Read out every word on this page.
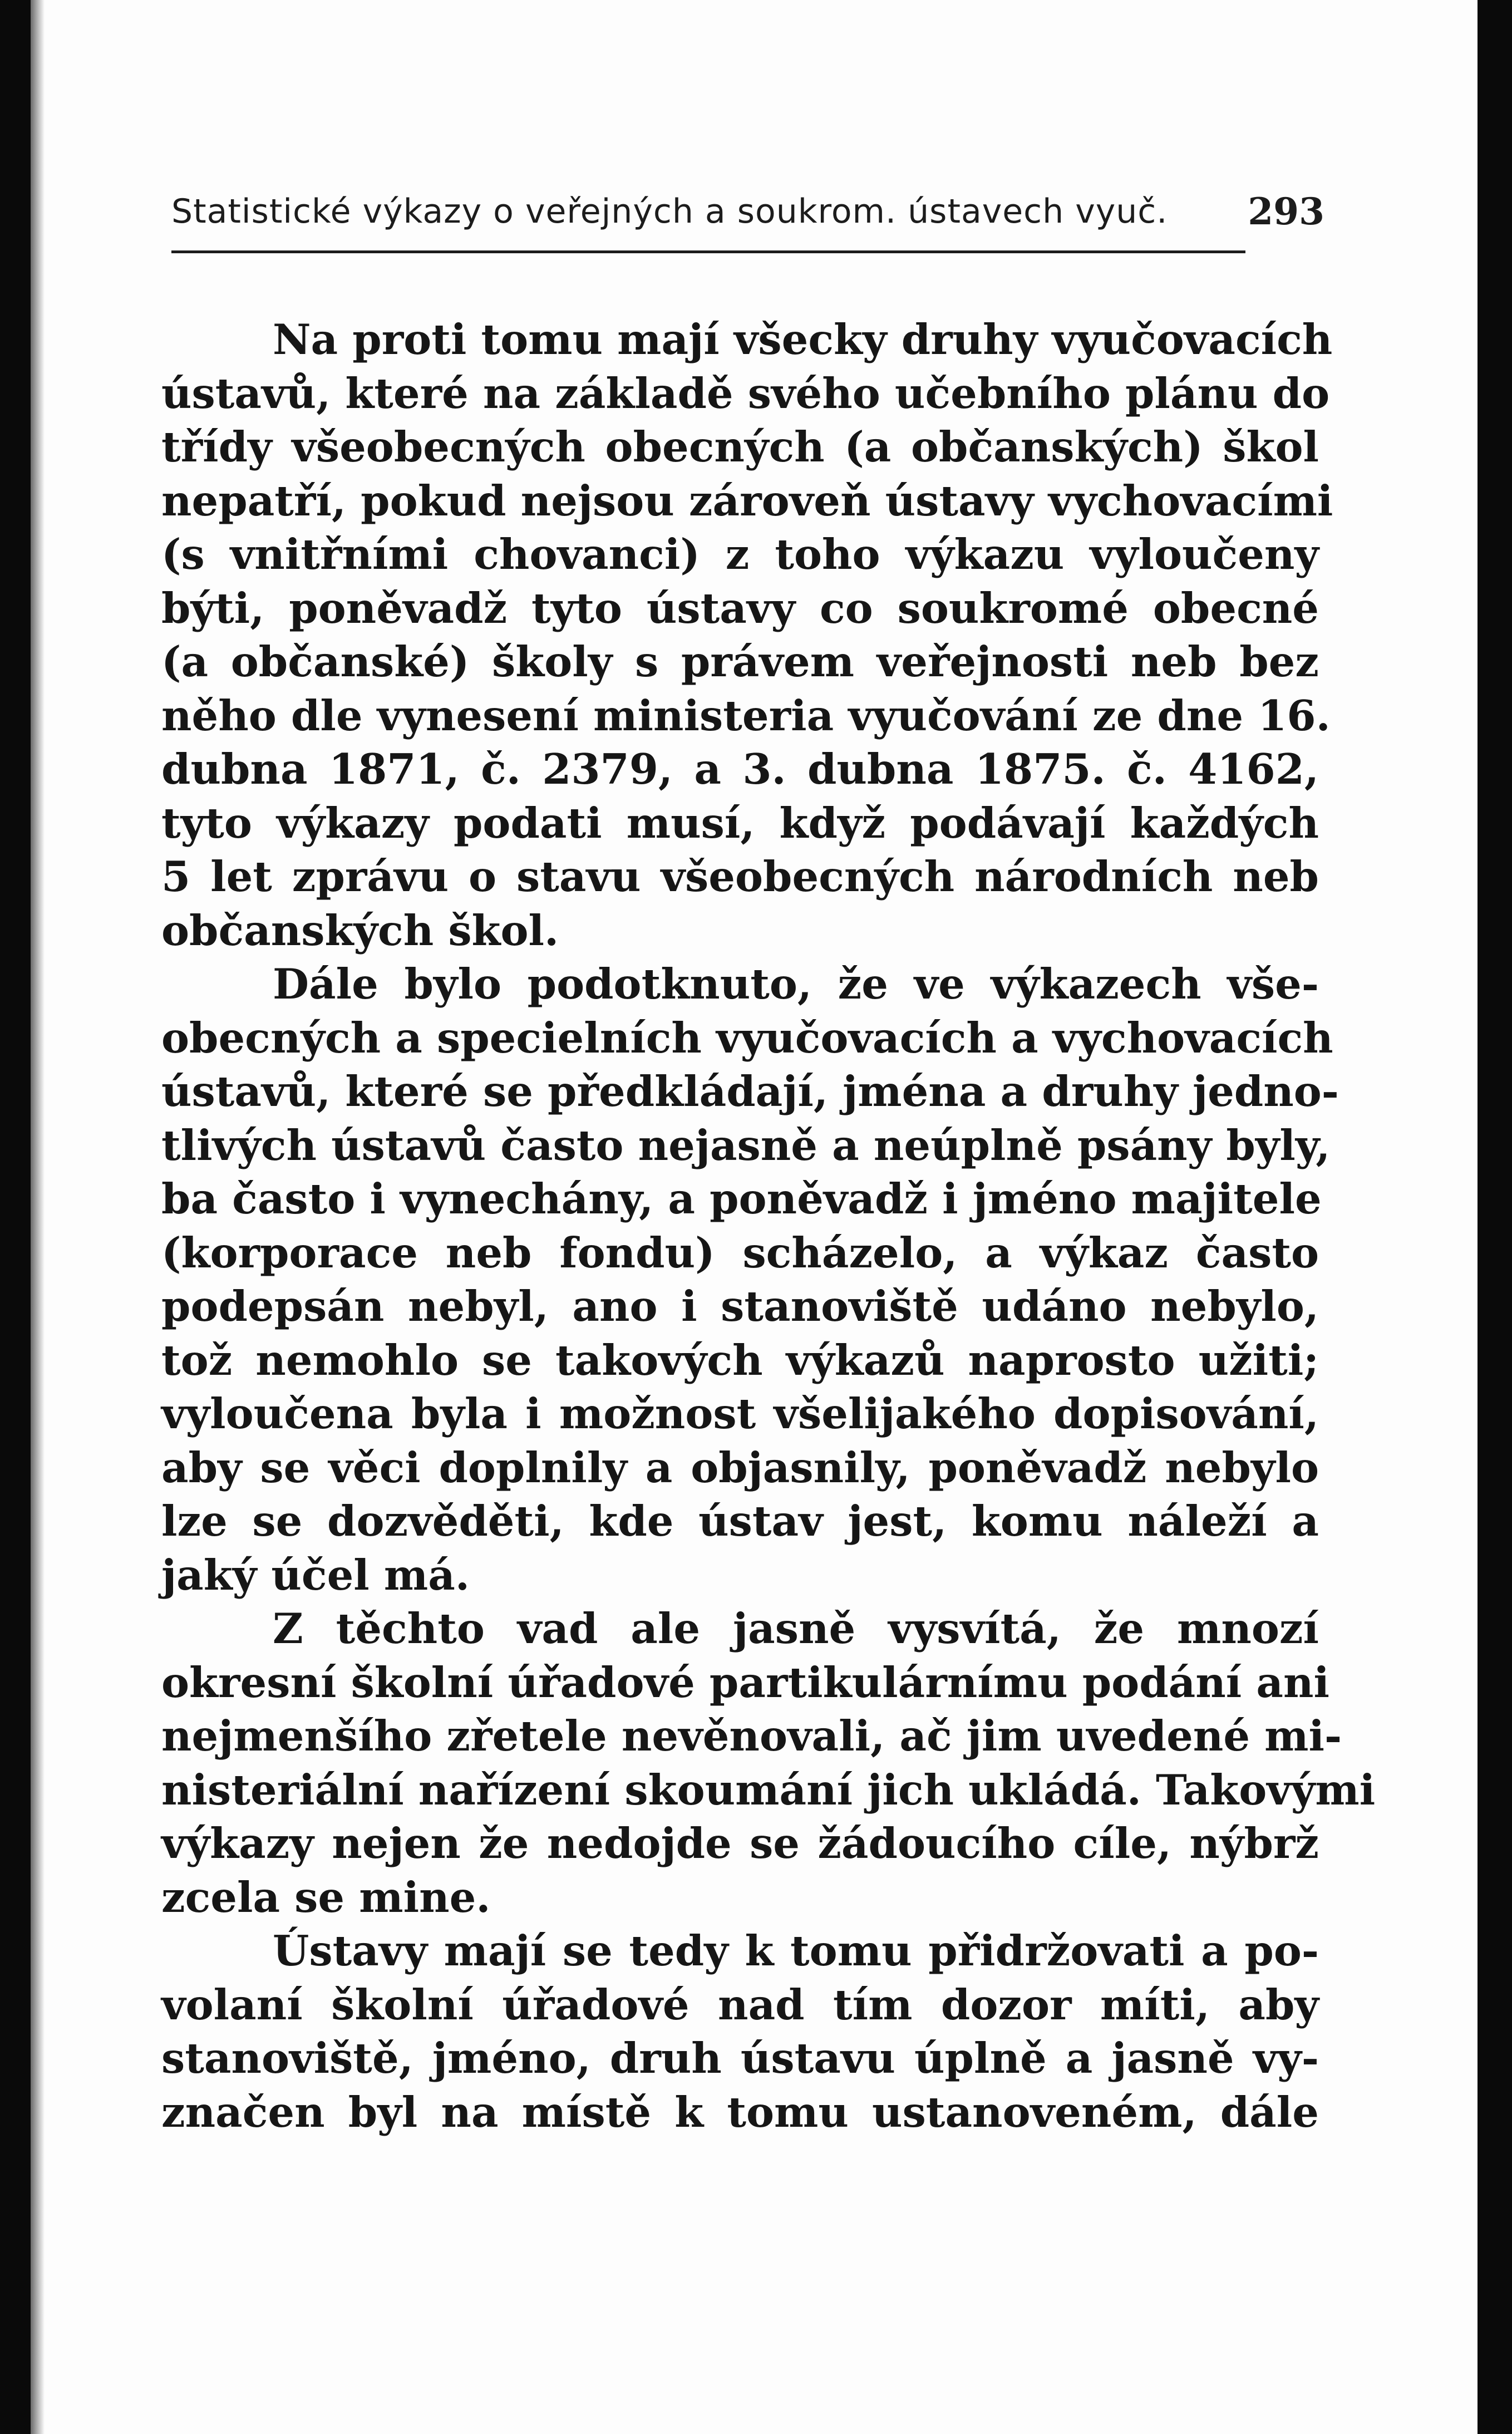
Statistické výkazy o veřejných a soukrom. ústavech vyuč. 293
Na proti tomu mají všecky druhy vyučovacích
ústavů, které na základě svého učebního plánu do
třídy všeobecných obecných (a občanských) škol
nepatří, pokud nejsou zároveň ústavy vychovacími
(s vnitřními chovanci) z toho výkazu vyloučeny
býti, poněvadž tyto ústavy co soukromé obecné
(a občanské) školy s právem veřejnosti neb bez
něho dle vynesení ministeria vyučování ze dne 16.
dubna 1871, č. 2379, a 3. dubna 1875. č. 4162,
tyto výkazy podati musí, když podávají každých
5 let zprávu o stavu všeobecných národních neb
občanských škol.
Dále bylo podotknuto, že ve výkazech vše-
obecných a specielních vyučovacích a vychovacích
ústavů, které se předkládají, jména a druhy jedno-
tlivých ústavů často nejasně a neúplně psány byly,
ba často i vynechány, a poněvadž i jméno majitele
(korporace neb fondu) scházelo, a výkaz často
podepsán nebyl, ano i stanoviště udáno nebylo,
tož nemohlo se takových výkazů naprosto užiti;
vyloučena byla i možnost všelijakého dopisování,
aby se věci doplnily a objasnily, poněvadž nebylo
lze se dozvěděti, kde ústav jest, komu náleží a
jaký účel má.
Z těchto vad ale jasně vysvítá, že mnozí
okresní školní úřadové partikulárnímu podání ani
nejmenšího zřetele nevěnovali, ač jim uvedené mi-
nisteriální nařízení skoumání jich ukládá. Takovými
výkazy nejen že nedojde se žádoucího cíle, nýbrž
zcela se mine.
Ústavy mají se tedy k tomu přidržovati a po-
volaní školní úřadové nad tím dozor míti, aby
stanoviště, jméno, druh ústavu úplně a jasně vy-
značen byl na místě k tomu ustanoveném, dále
